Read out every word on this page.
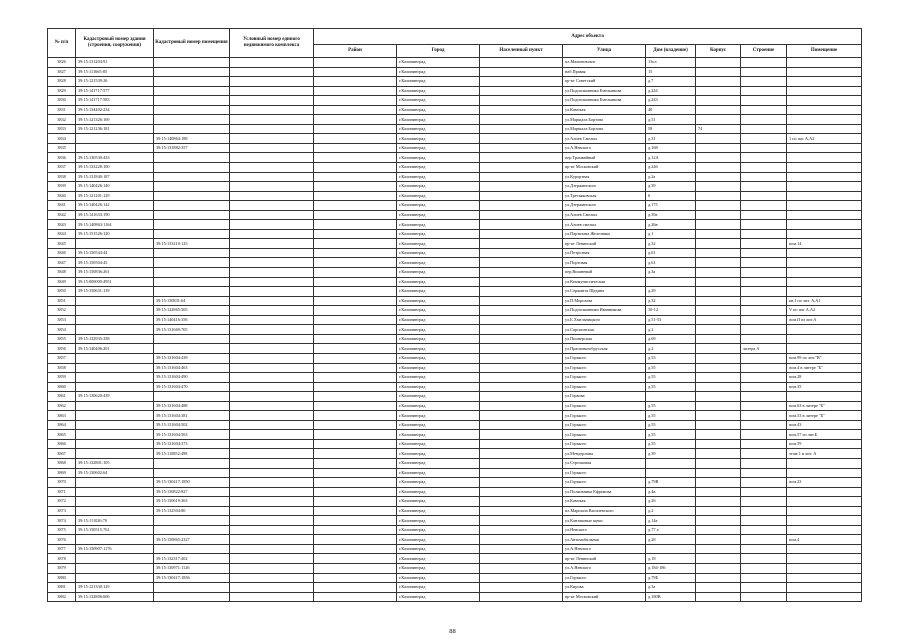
№ п/п	Кадастровый номер здания (строения, сооружения)	Кадастровый номер помещения	Условный номер единого недвижимого комплекса	Адрес объекта							
				Район	Город	Населенный пункт	Улица	Дом (владение)	Корпус	Строение	Помещение
3826	39:15:131204:91				г.Калининград		пл.Мамоновское	13ол			
3827	39:15:111665:85				г.Калининград		наб.Правая	15			
3828	39:15:121539:26				г.Калининград		пр-кт Советский	д.7			
3829	39:15:141717:577				г.Калининград		ул.Подполковника Емельянова	д.244			
3830	39:15:141717:583				г.Калининград		ул.Подполковника Емельянова	д.243			
3831	39:15:134402:234				г.Калининград		ул.Камская	40			
3832	39:15:121326:169				г.Калининград		ул.Марщала Борзова	д.51			
3833	39:15:121236:181				г.Калининград		ул.Маршала Борзова	58	74		
3834		39:15:140864:188			г.Калининград		ул.Алиев Смелых	д.31			1 по пас А,А2
3835		39:15:131882:357			г.Калининград		ул.А.Невского	д.168			
3836	39:15:130530:433				г.Калининград		пер.Трамвайный	д.12А			
3837	39:15:133228:100				г.Калининград		пр-кт Московский	д.246			
3838	39:15:131840:187				г.Калининград		ул.Курортная	д.2а			
3839	39:15:140426:140				г.Калининград		ул.Дзержинского	д.39			
3840	39:15:121201:129				г.Калининград		ул.Третьяковская	6			
3841	39:15:140426:142				г.Калининград		ул.Дзержинского	д.175			
3842	39:15:141633:190				г.Калининград		ул.Алиев Смелых	д.39а			
3843	39:15:140863:1164				г.Калининград		ул.Алиев смелых	д.26в			
3844	39:15:151526:120				г.Калининград		ул.Партизана Железняка	д.1			
3845		39:15:133210:125			г.Калининград		пр-кт Ленинский	д.32			пом.14
3846	39:15:150544:44				г.Калининград		ул.Петрозная	д.61			
3847	39:15:150504:45				г.Калининград		ул.Портовая	д.61			
3848	39:15:150836:261				г.Калининград		пер.Вишневый	д.3а			
3849	39:15:000000:4951				г.Калининград		ул.Коммунистическая				
3850	39:15:150631:139				г.Калининград		ул.Сержанта Щедина	д.29			
3851		39:15:150831:64			г.Калининград		ул.П.Морозова	д.32			кв.1 по лит. А,А1
3852		39:15:122865:565			г.Калининград		ул.Подполковника Иванникова	10-12			V по пас А,А2
3853		39:15:140416:356			г.Калининград		ул.Б.Хмельницкого	д.51-53			пом.II из лит.А
3854		39:15:131669:705			г.Калининград		ул.Сарспинская	д.2			
3855	39:15:132935:358				г.Калининград		ул.Пионерская	д.69			
3856	39:15:140406:201				г.Калининград		ул.Прасковьеобрусская	д.2		литера А	
3857		39:15:131604:439			г.Калининград		ул.Горького	д.53			пом.99 по лит."В"
3858		39:15:131604:463			г.Калининград		ул.Горького	д.55			пом.4 в литере "Б"
3859		39:15:131604:490			г.Калининград		ул.Горького	д.55			пом.28
3860		39:15:131604:470			г.Калининград		ул.Горького	д.55			пом.35
3861	39:15:130620:439				г.Калининград		ул.Горкова				
3862		39:15:131604:488			г.Калининград		ул.Горького	д.55			пом.63 в литере "Б"
3863		39:15:131604:381			г.Калининград		ул.Горького	д.55			пом.53 в литере "Б"
3864		39:15:131604:502			г.Калининград		ул.Горького	д.55			пом.43
3865		39:15:131604:563			г.Калининград		ул.Горького	д.55			пом.57 из лит.Б
3866		39:15:131604:373			г.Калининград		ул.Горького	д.55			пом.59
3867		39:15:110852:498			г.Калининград		ул.Мендерлина	д.39			этаж 1 в лит. А
3868	39:15:132801:105				г.Калининград		ул.Стрелковая				
3869	39:15:130602:64				г.Калининград		ул.Горького				
3870		39:15:130417:1850			г.Калининград		ул.Горького	д.79В			пом.23
3871		39:15:130822:827			г.Калининград		ул.Полковника Ефремова	д.4в			
3872		39:15:150619:363			г.Калининград		ул.Камская	д.26			
3873		39:15:132504:80			г.Калининград		пл.Маршала Василевского	д.2			
3874	39:15:111026:70				г.Калининград		ул.Кантаковые щеки	д.14а			
3875	39:15:150515:761				г.Калининград		ул.Невского	д.77 а			
3876		39:15:150865:2327			г.Калининград		ул.Автомобильная	д.28			пом.4
3877	39:15:150907:1176				г.Калининград		ул.А.Невского				
3878		39:15:132317:402			г.Калининград		пр-кт Ленинский	д.18			
3879		39:15:130971:1126			г.Калининград		ул.А.Невского	д.184-186			
3880		39:15:130417:1836			г.Калининград		ул.Горького	д.79Б			
3881	39:15:121330:129				г.Калининград		ул.Кирова	д.3а			
3882	39:15:132806:606				г.Калининград		пр-кт Московский	д.180В			
88
